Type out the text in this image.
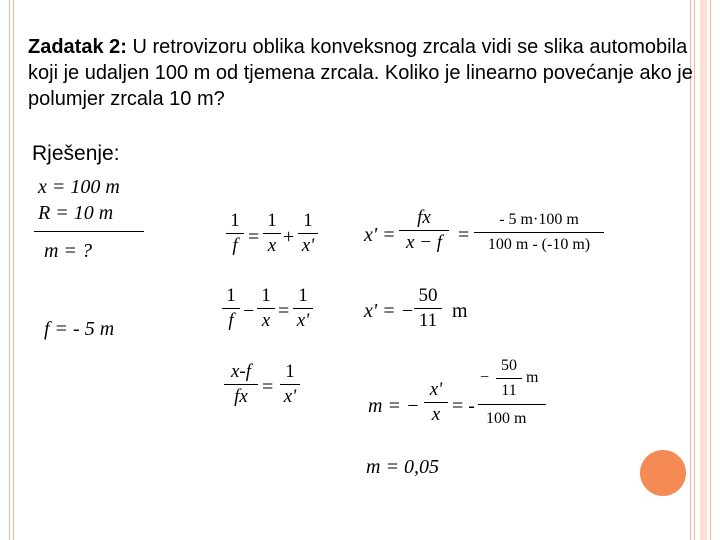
Zadatak 2: U retrovizoru oblika konveksnog zrcala vidi se slika automobila koji je udaljen 100 m od tjemena zrcala. Koliko je linearno povećanje ako je polumjer zrcala 10 m?
Rješenje:
x = 100 m
R = 10 m
m = ?
f = - 5 m
1
f =
1
x +
1
x'
1
f −
1
x =
1
x'
x-f
fx =
1
x'
x' =
fx
x − f =
- 5 m·100 m
100 m - (-10 m)
x' = −
50
11 m
m = −
x'
x = -
−
50
11
m
100 m
m = 0,05
